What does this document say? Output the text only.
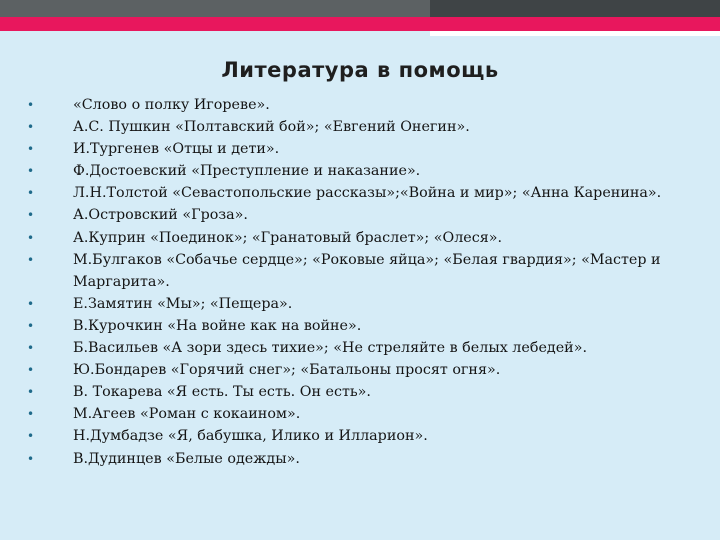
Литература в помощь
•	«Слово о полку Игореве».
•	А.С. Пушкин «Полтавский бой»; «Евгений Онегин».
•	И.Тургенев «Отцы и дети».
•	Ф.Достоевский «Преступление и наказание».
•	Л.Н.Толстой «Севастопольские рассказы»;«Война и мир»; «Анна Каренина».
•	А.Островский «Гроза».
•	А.Куприн «Поединок»; «Гранатовый браслет»; «Олеся».
•	М.Булгаков «Собачье сердце»; «Роковые яйца»; «Белая гвардия»; «Мастер и Маргарита».
•	Е.Замятин «Мы»; «Пещера».
•	В.Курочкин «На войне как на войне».
•	Б.Васильев «А зори здесь тихие»; «Не стреляйте в белых лебедей».
•	Ю.Бондарев «Горячий снег»; «Батальоны просят огня».
•	В. Токарева «Я есть. Ты есть. Он есть».
•	М.Агеев «Роман с кокаином».
•	Н.Думбадзе «Я, бабушка, Илико и Илларион».
•	В.Дудинцев «Белые одежды».
